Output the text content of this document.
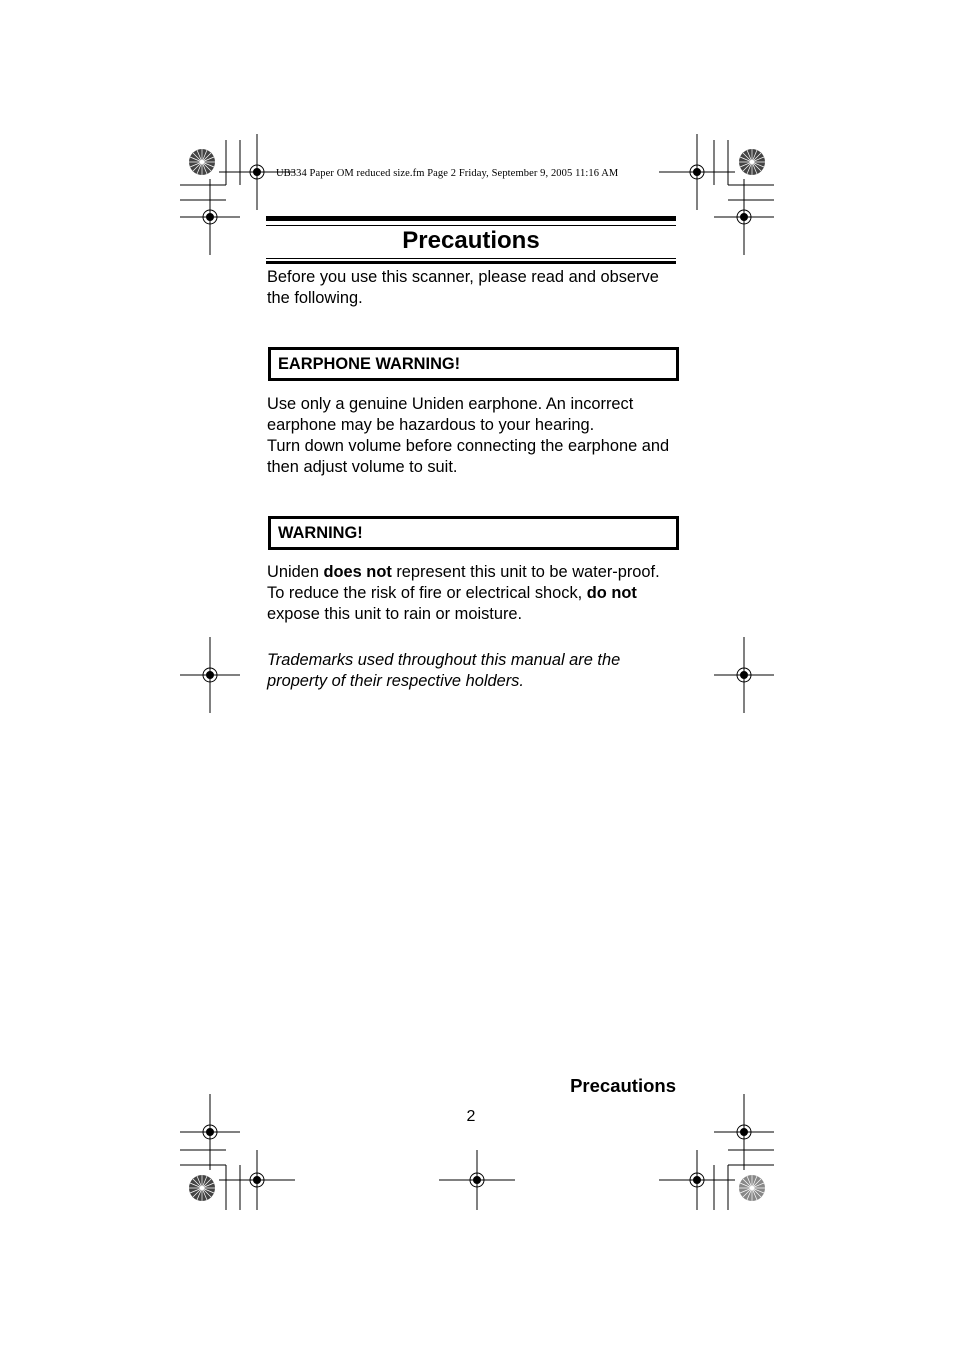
UB334 Paper OM reduced size.fm Page 2 Friday, September 9, 2005 11:16 AM
Precautions

Before you use this scanner, please read and observe the following.

EARPHONE WARNING!

Use only a genuine Uniden earphone. An incorrect earphone may be hazardous to your hearing.

Turn down volume before connecting the earphone and then adjust volume to suit.

WARNING!

Uniden does not represent this unit to be water-proof. To reduce the risk of fire or electrical shock, do not expose this unit to rain or moisture.

Trademarks used throughout this manual are the property of their respective holders.

Precautions
2
